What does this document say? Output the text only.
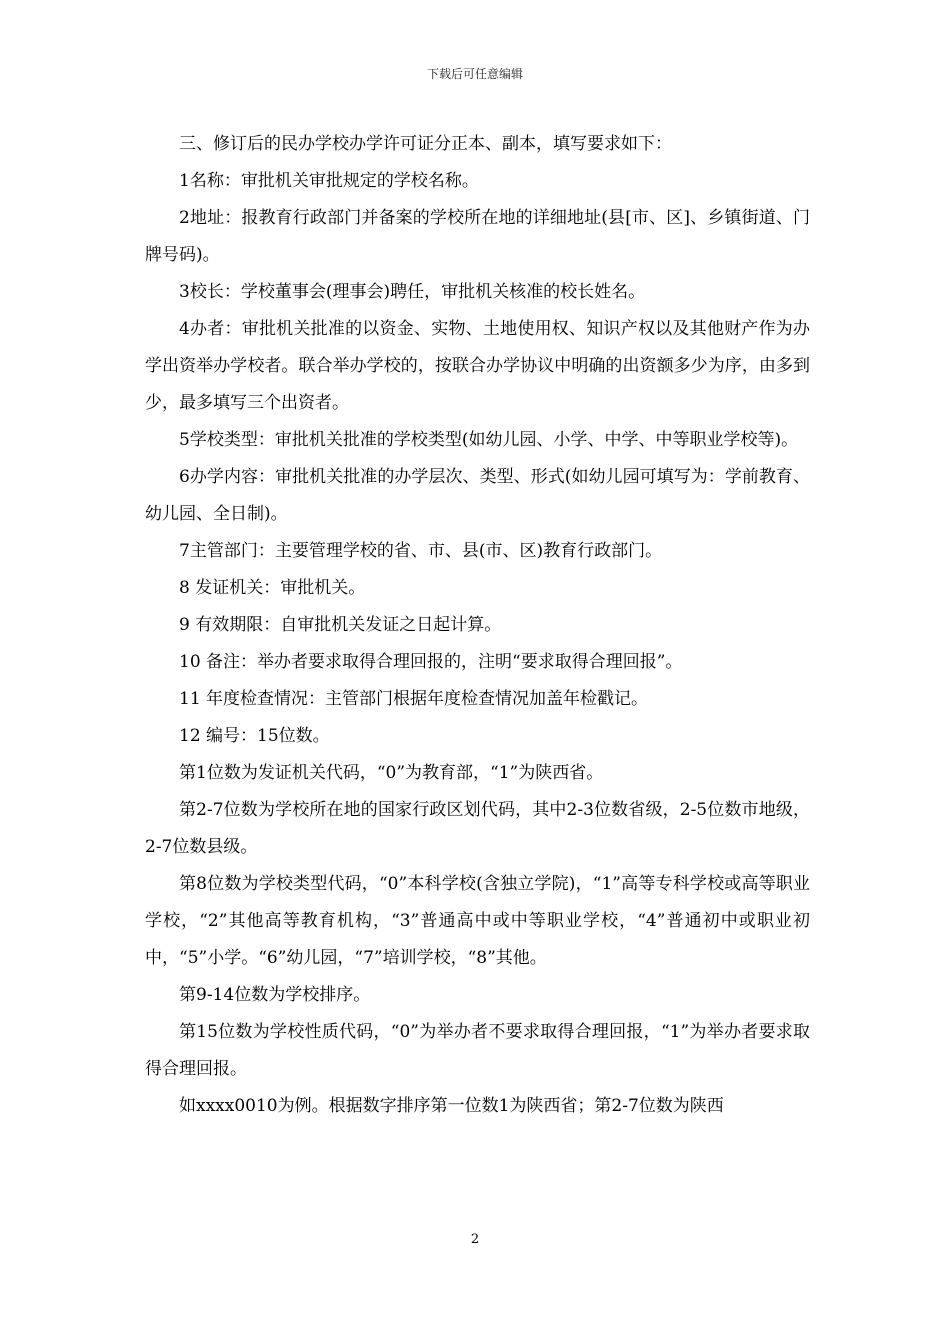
下载后可任意编辑

三、修订后的民办学校办学许可证分正本、副本，填写要求如下：

1名称：审批机关审批规定的学校名称。

2地址：报教育行政部门并备案的学校所在地的详细地址(县[市、区]、乡镇街道、门牌号码)。

3校长：学校董事会(理事会)聘任，审批机关核准的校长姓名。

4办者：审批机关批准的以资金、实物、土地使用权、知识产权以及其他财产作为办学出资举办学校者。联合举办学校的，按联合办学协议中明确的出资额多少为序，由多到少，最多填写三个出资者。

5学校类型：审批机关批准的学校类型(如幼儿园、小学、中学、中等职业学校等)。

6办学内容：审批机关批准的办学层次、类型、形式(如幼儿园可填写为：学前教育、幼儿园、全日制)。

7主管部门：主要管理学校的省、市、县(市、区)教育行政部门。

8 发证机关：审批机关。

9 有效期限：自审批机关发证之日起计算。

10 备注：举办者要求取得合理回报的，注明“要求取得合理回报”。

11 年度检查情况：主管部门根据年度检查情况加盖年检戳记。

12 编号：15位数。

第1位数为发证机关代码，“0”为教育部，“1”为陕西省。

第2-7位数为学校所在地的国家行政区划代码，其中2-3位数省级，2-5位数市地级，2-7位数县级。

第8位数为学校类型代码，“0”本科学校(含独立学院)，“1”高等专科学校或高等职业学校，“2”其他高等教育机构，“3”普通高中或中等职业学校，“4”普通初中或职业初中，“5”小学。“6”幼儿园，“7”培训学校，“8”其他。

第9-14位数为学校排序。

第15位数为学校性质代码，“0”为举办者不要求取得合理回报，“1”为举办者要求取得合理回报。

如xxxx0010为例。根据数字排序第一位数1为陕西省；第2-7位数为陕西

2
